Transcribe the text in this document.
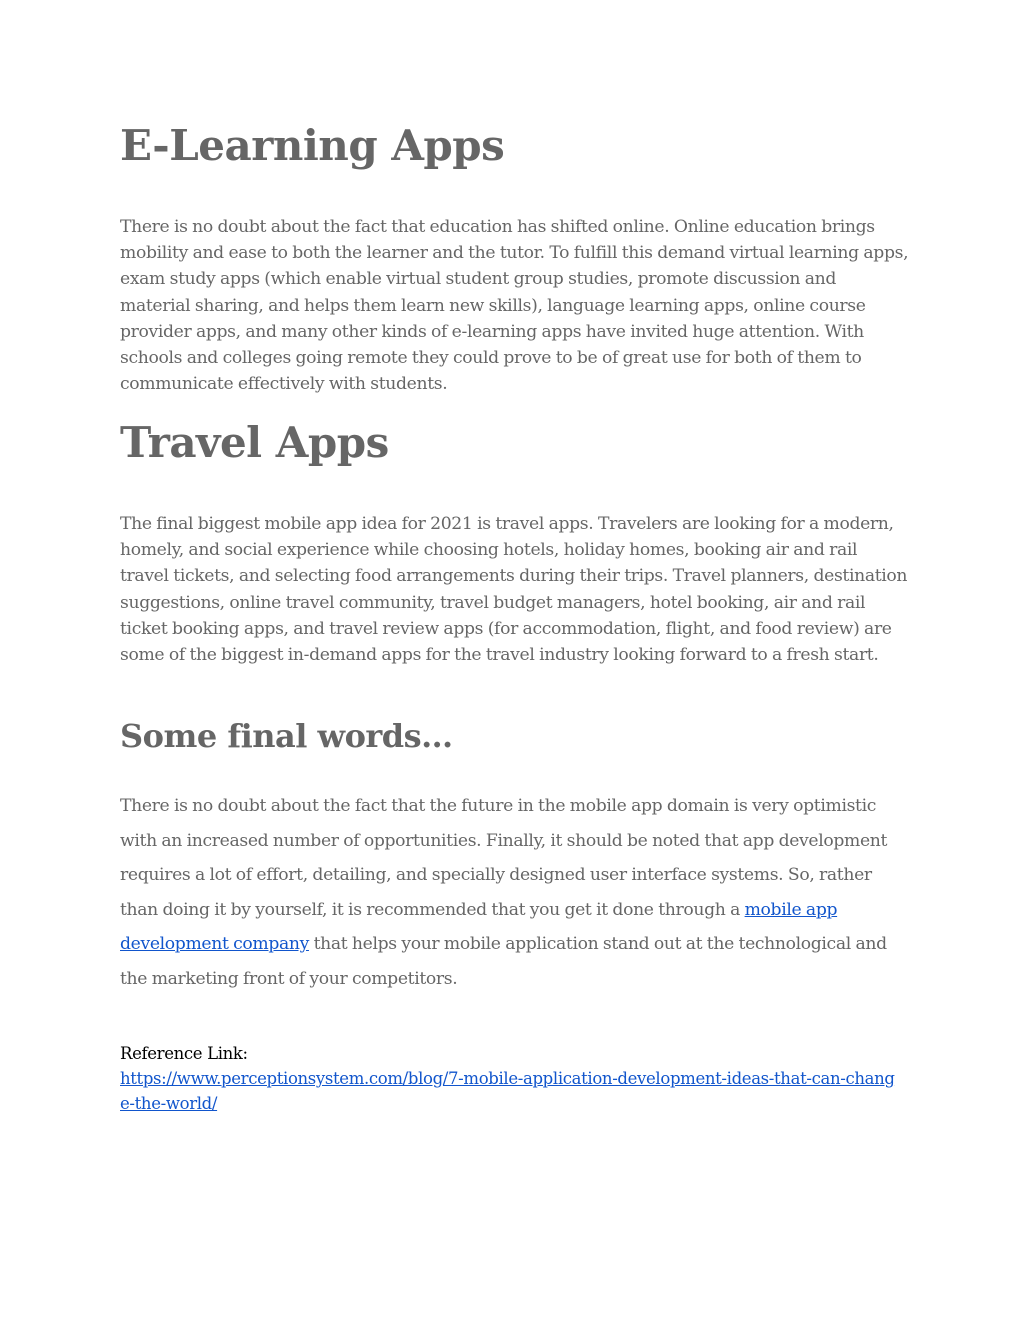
E-Learning Apps

There is no doubt about the fact that education has shifted online. Online education brings mobility and ease to both the learner and the tutor. To fulfill this demand virtual learning apps, exam study apps (which enable virtual student group studies, promote discussion and material sharing, and helps them learn new skills), language learning apps, online course provider apps, and many other kinds of e-learning apps have invited huge attention. With schools and colleges going remote they could prove to be of great use for both of them to communicate effectively with students.

Travel Apps

The final biggest mobile app idea for 2021 is travel apps. Travelers are looking for a modern, homely, and social experience while choosing hotels, holiday homes, booking air and rail travel tickets, and selecting food arrangements during their trips. Travel planners, destination suggestions, online travel community, travel budget managers, hotel booking, air and rail ticket booking apps, and travel review apps (for accommodation, flight, and food review) are some of the biggest in-demand apps for the travel industry looking forward to a fresh start.

Some final words…

There is no doubt about the fact that the future in the mobile app domain is very optimistic with an increased number of opportunities. Finally, it should be noted that app development requires a lot of effort, detailing, and specially designed user interface systems. So, rather than doing it by yourself, it is recommended that you get it done through a mobile app development company that helps your mobile application stand out at the technological and the marketing front of your competitors.

Reference Link:
https://www.perceptionsystem.com/blog/7-mobile-application-development-ideas-that-can-change-the-world/
